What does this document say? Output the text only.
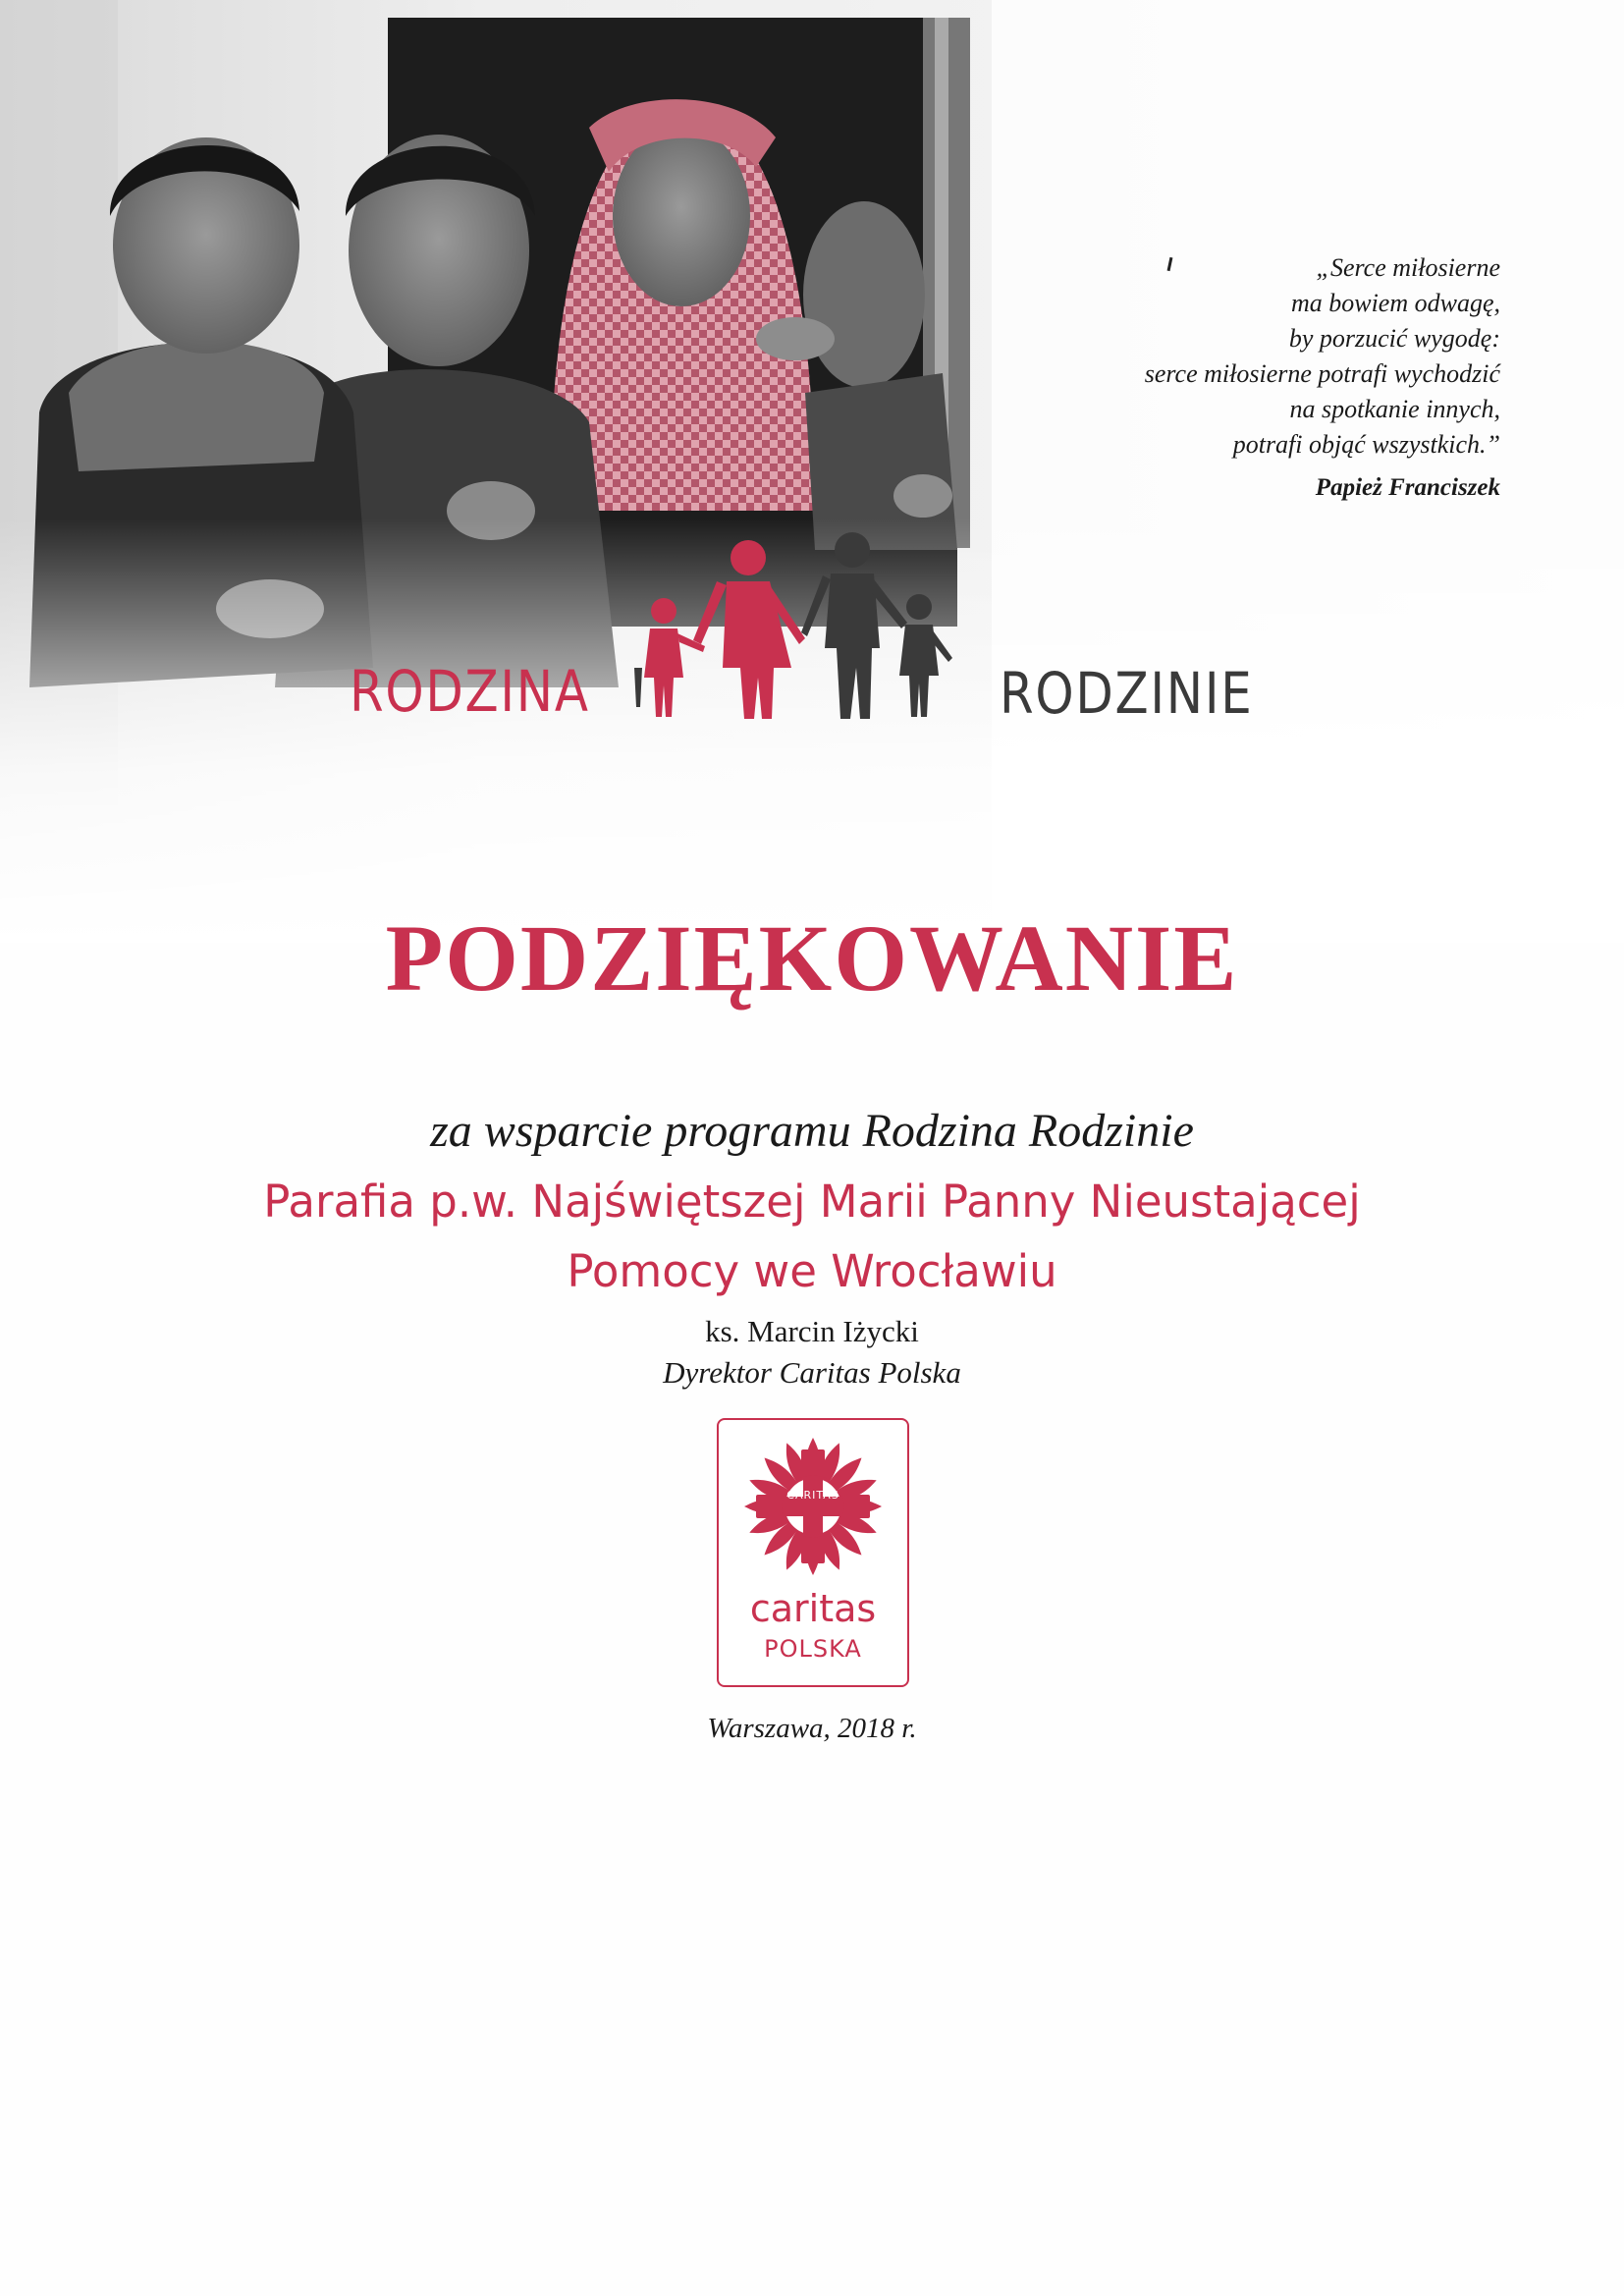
„Serce miłosierne
ma bowiem odwagę,
by porzucić wygodę:
serce miłosierne potrafi wychodzić
na spotkanie innych,
potrafi objąć wszystkich.”
Papież Franciszek
RODZINA	RODZINIE
PODZIĘKOWANIE
za wsparcie programu Rodzina Rodzinie
Parafia p.w. Najświętszej Marii Panny Nieustającej
Pomocy we Wrocławiu
ks. Marcin Iżycki
Dyrektor Caritas Polska
CARITAS
caritas
POLSKA
Warszawa, 2018 r.
